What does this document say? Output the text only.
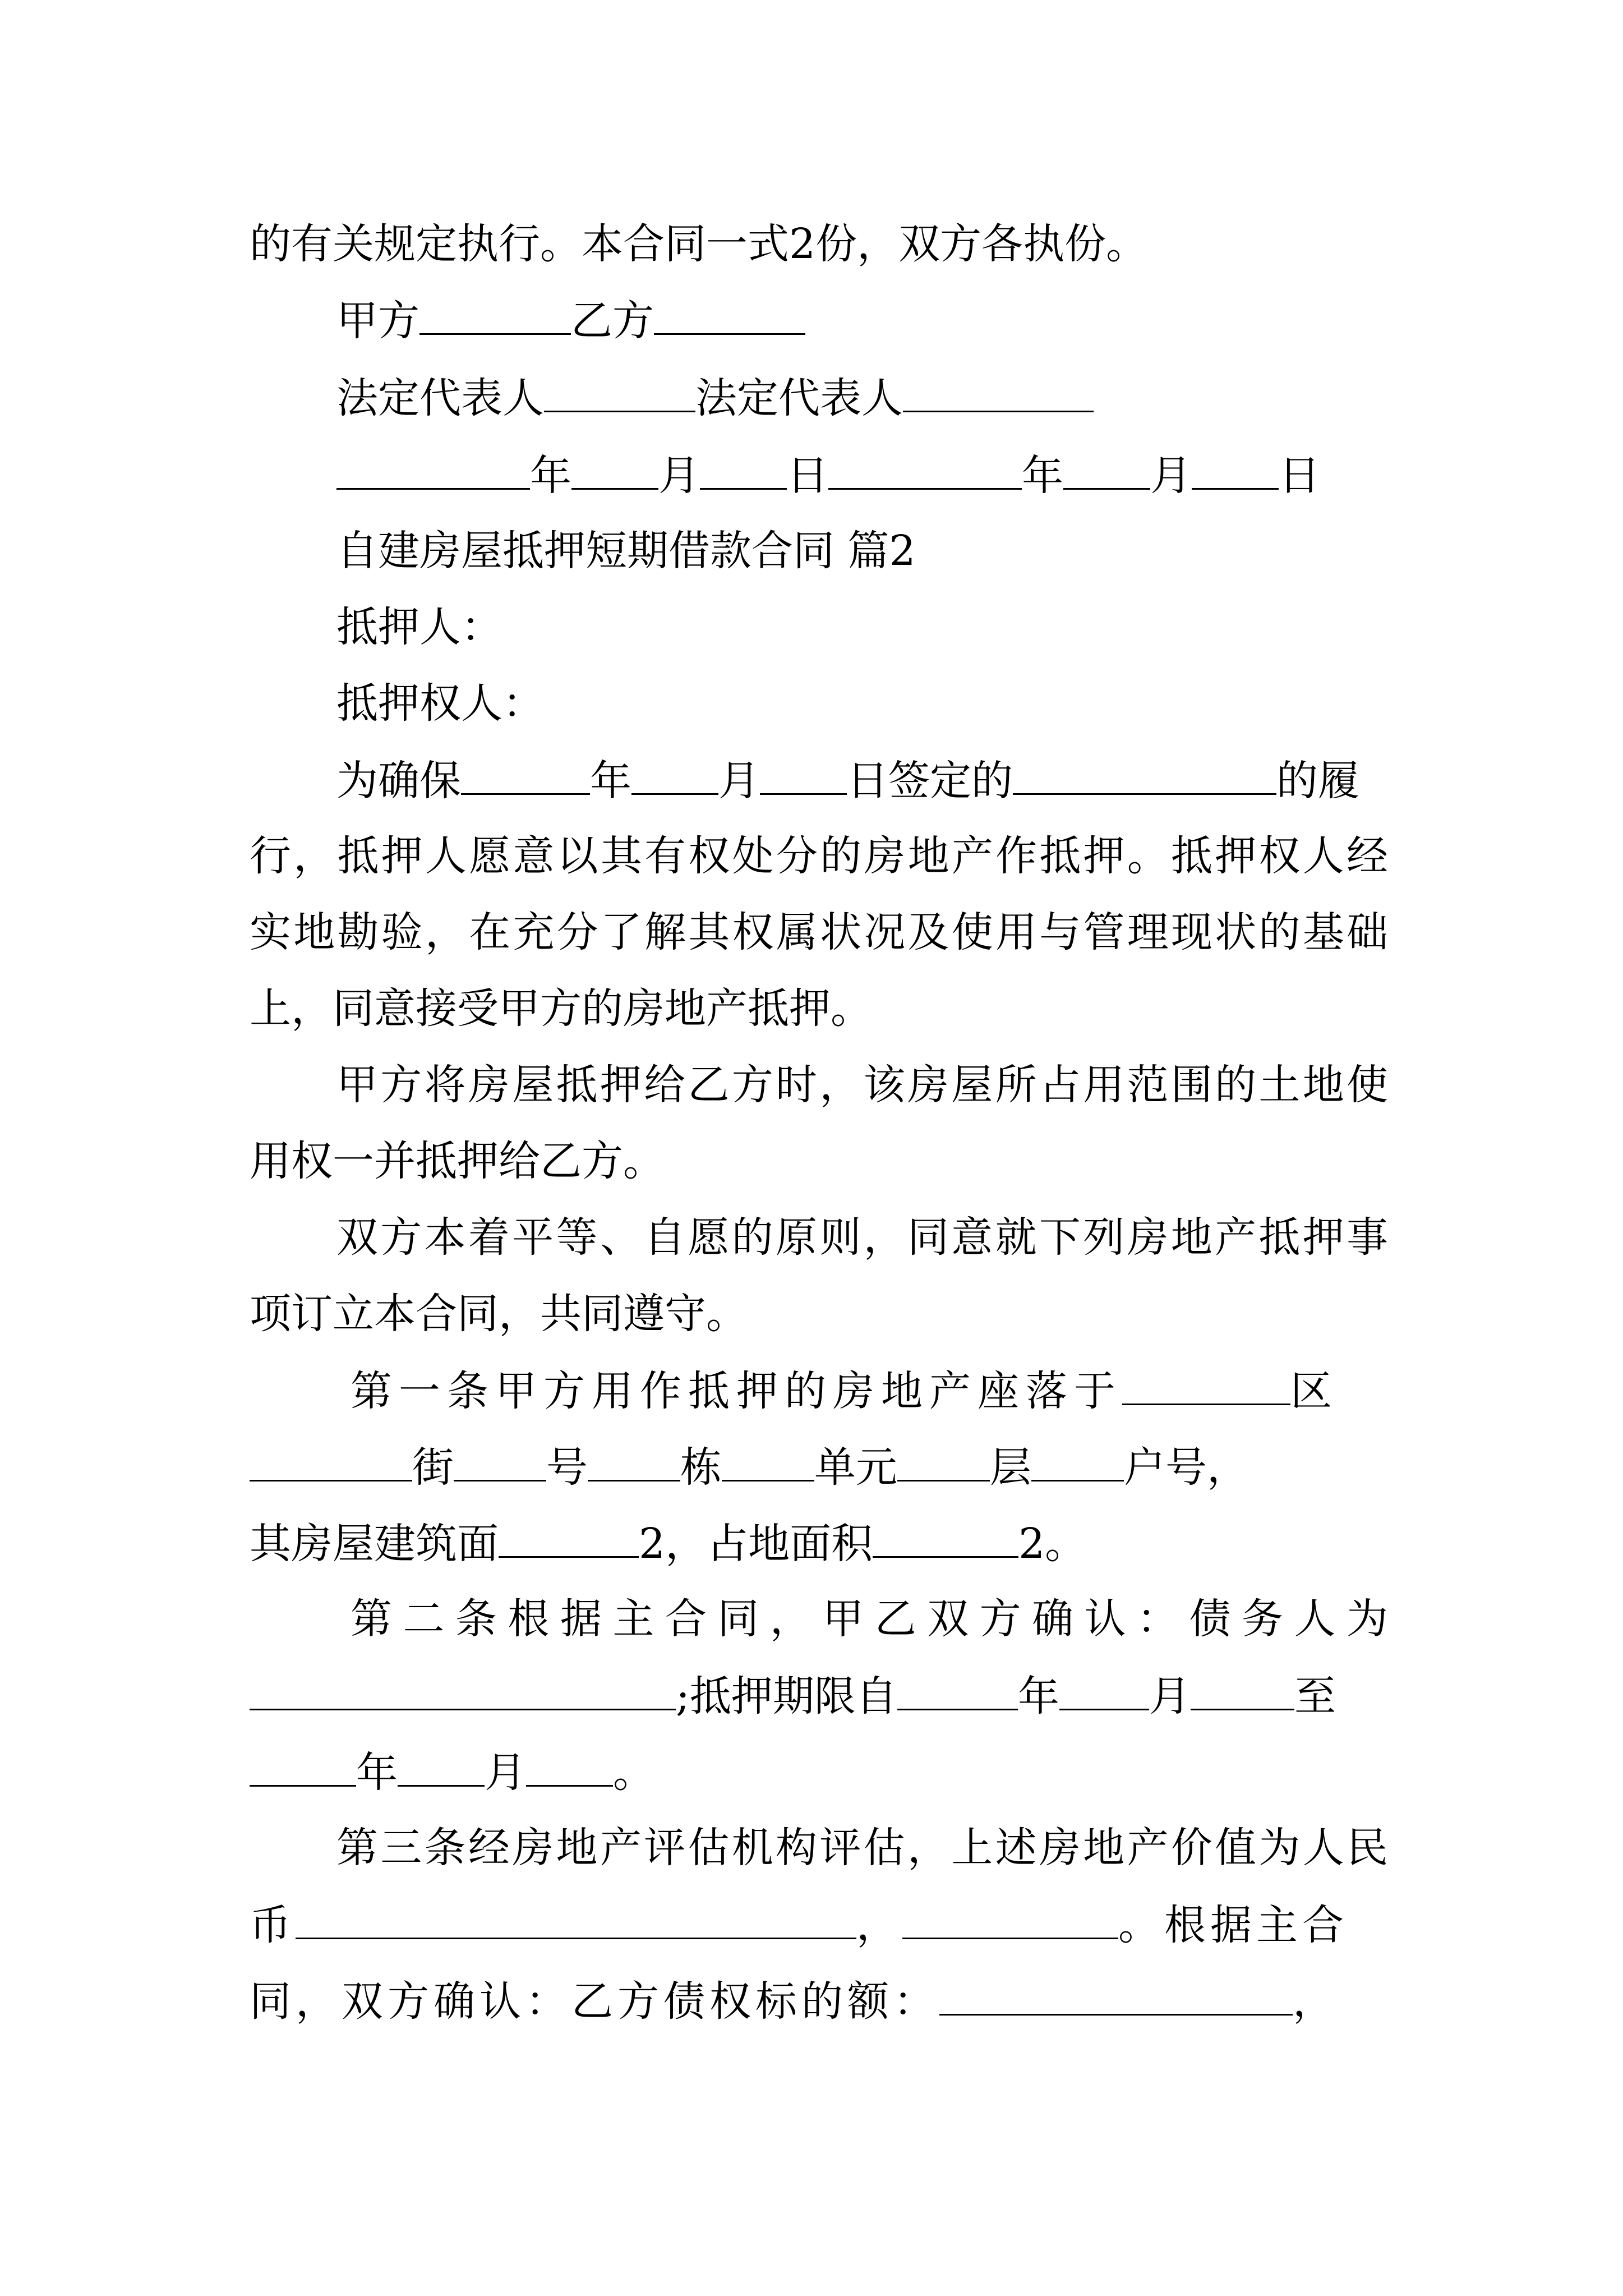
的有关规定执行。本合同一式2份，双方各执份。
甲方	乙方
法定代表人	法定代表人
年 月 日	年 月 日
自建房屋抵押短期借款合同 篇2
抵押人：
抵押权人：
为确保	年 月 日签定的	的履
行，抵押人愿意以其有权处分的房地产作抵押。抵押权人经
实地勘验，在充分了解其权属状况及使用与管理现状的基础
上，同意接受甲方的房地产抵押。
甲方将房屋抵押给乙方时，该房屋所占用范围的土地使
用权一并抵押给乙方。
双方本着平等、自愿的原则，同意就下列房地产抵押事
项订立本合同，共同遵守。
第一条甲方用作抵押的房地产座落于	区
街 号 栋 单元 层 户号，
其房屋建筑面	2，占地面积	2。
第二条根据主合同，甲乙双方确认：债务人为
;抵押期限自	年 月	至
年 月 。
第三条经房地产评估机构评估，上述房地产价值为人民
币	，	。根据主合
同，双方确认：乙方债权标的额：	，
